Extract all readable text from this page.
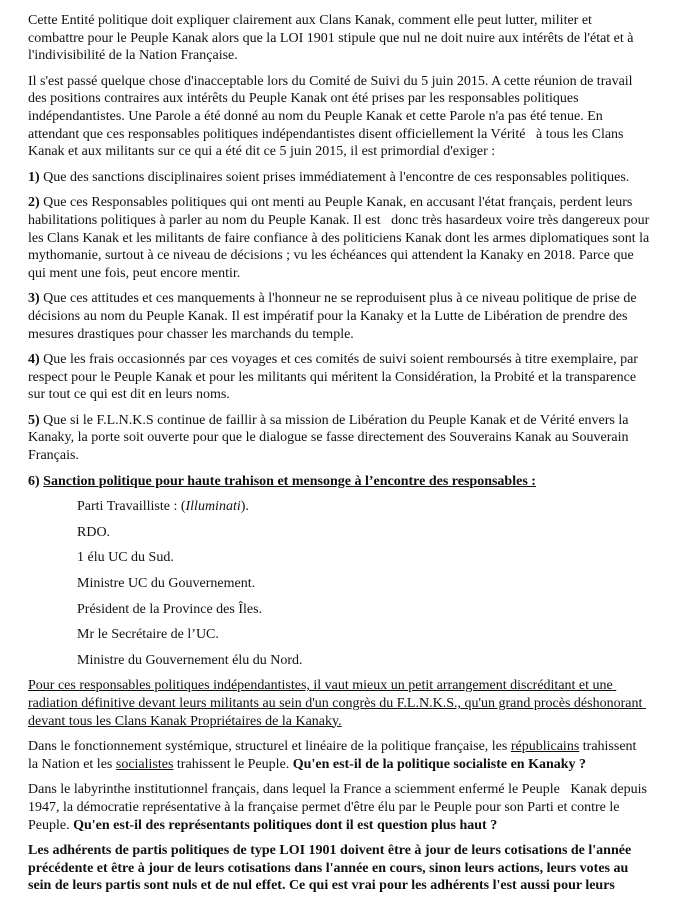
Cette Entité politique doit expliquer clairement aux Clans Kanak, comment elle peut lutter, militer et combattre pour le Peuple Kanak alors que la LOI 1901 stipule que nul ne doit nuire aux intérêts de l'état et à l'indivisibilité de la Nation Française.

Il s'est passé quelque chose d'inacceptable lors du Comité de Suivi du 5 juin 2015. A cette réunion de travail des positions contraires aux intérêts du Peuple Kanak ont été prises par les responsables politiques indépendantistes. Une Parole a été donné au nom du Peuple Kanak et cette Parole n'a pas été tenue. En attendant que ces responsables politiques indépendantistes disent officiellement la Vérité   à tous les Clans Kanak et aux militants sur ce qui a été dit ce 5 juin 2015, il est primordial d'exiger :

1) Que des sanctions disciplinaires soient prises immédiatement à l'encontre de ces responsables politiques.

2) Que ces Responsables politiques qui ont menti au Peuple Kanak, en accusant l'état français, perdent leurs habilitations politiques à parler au nom du Peuple Kanak. Il est   donc très hasardeux voire très dangereux pour les Clans Kanak et les militants de faire confiance à des politiciens Kanak dont les armes diplomatiques sont la mythomanie, surtout à ce niveau de décisions ; vu les échéances qui attendent la Kanaky en 2018. Parce que qui ment une fois, peut encore mentir.

3) Que ces attitudes et ces manquements à l'honneur ne se reproduisent plus à ce niveau politique de prise de décisions au nom du Peuple Kanak. Il est impératif pour la Kanaky et la Lutte de Libération de prendre des mesures drastiques pour chasser les marchands du temple.

4) Que les frais occasionnés par ces voyages et ces comités de suivi soient remboursés à titre exemplaire, par respect pour le Peuple Kanak et pour les militants qui méritent la Considération, la Probité et la transparence sur tout ce qui est dit en leurs noms.

5) Que si le F.L.N.K.S continue de faillir à sa mission de Libération du Peuple Kanak et de Vérité envers la Kanaky, la porte soit ouverte pour que le dialogue se fasse directement des Souverains Kanak au Souverain Français.

6) Sanction politique pour haute trahison et mensonge à l’encontre des responsables :

Parti Travailliste : (Illuminati).

RDO.

1 élu UC du Sud.

Ministre UC du Gouvernement.

Président de la Province des Îles.

Mr le Secrétaire de l’UC.

Ministre du Gouvernement élu du Nord.

Pour ces responsables politiques indépendantistes, il vaut mieux un petit arrangement discréditant et une radiation définitive devant leurs militants au sein d'un congrès du F.L.N.K.S., qu'un grand procès déshonorant devant tous les Clans Kanak Propriétaires de la Kanaky.

Dans le fonctionnement systémique, structurel et linéaire de la politique française, les républicains trahissent la Nation et les socialistes trahissent le Peuple. Qu'en est-il de la politique socialiste en Kanaky ?

Dans le labyrinthe institutionnel français, dans lequel la France a sciemment enfermé le Peuple   Kanak depuis 1947, la démocratie représentative à la française permet d'être élu par le Peuple pour son Parti et contre le Peuple. Qu'en est-il des représentants politiques dont il est question plus haut ?

Les adhérents de partis politiques de type LOI 1901 doivent être à jour de leurs cotisations de l'année précédente et être à jour de leurs cotisations dans l'année en cours, sinon leurs actions, leurs votes au sein de leurs partis sont nuls et de nul effet. Ce qui est vrai pour les adhérents l'est aussi pour leurs
